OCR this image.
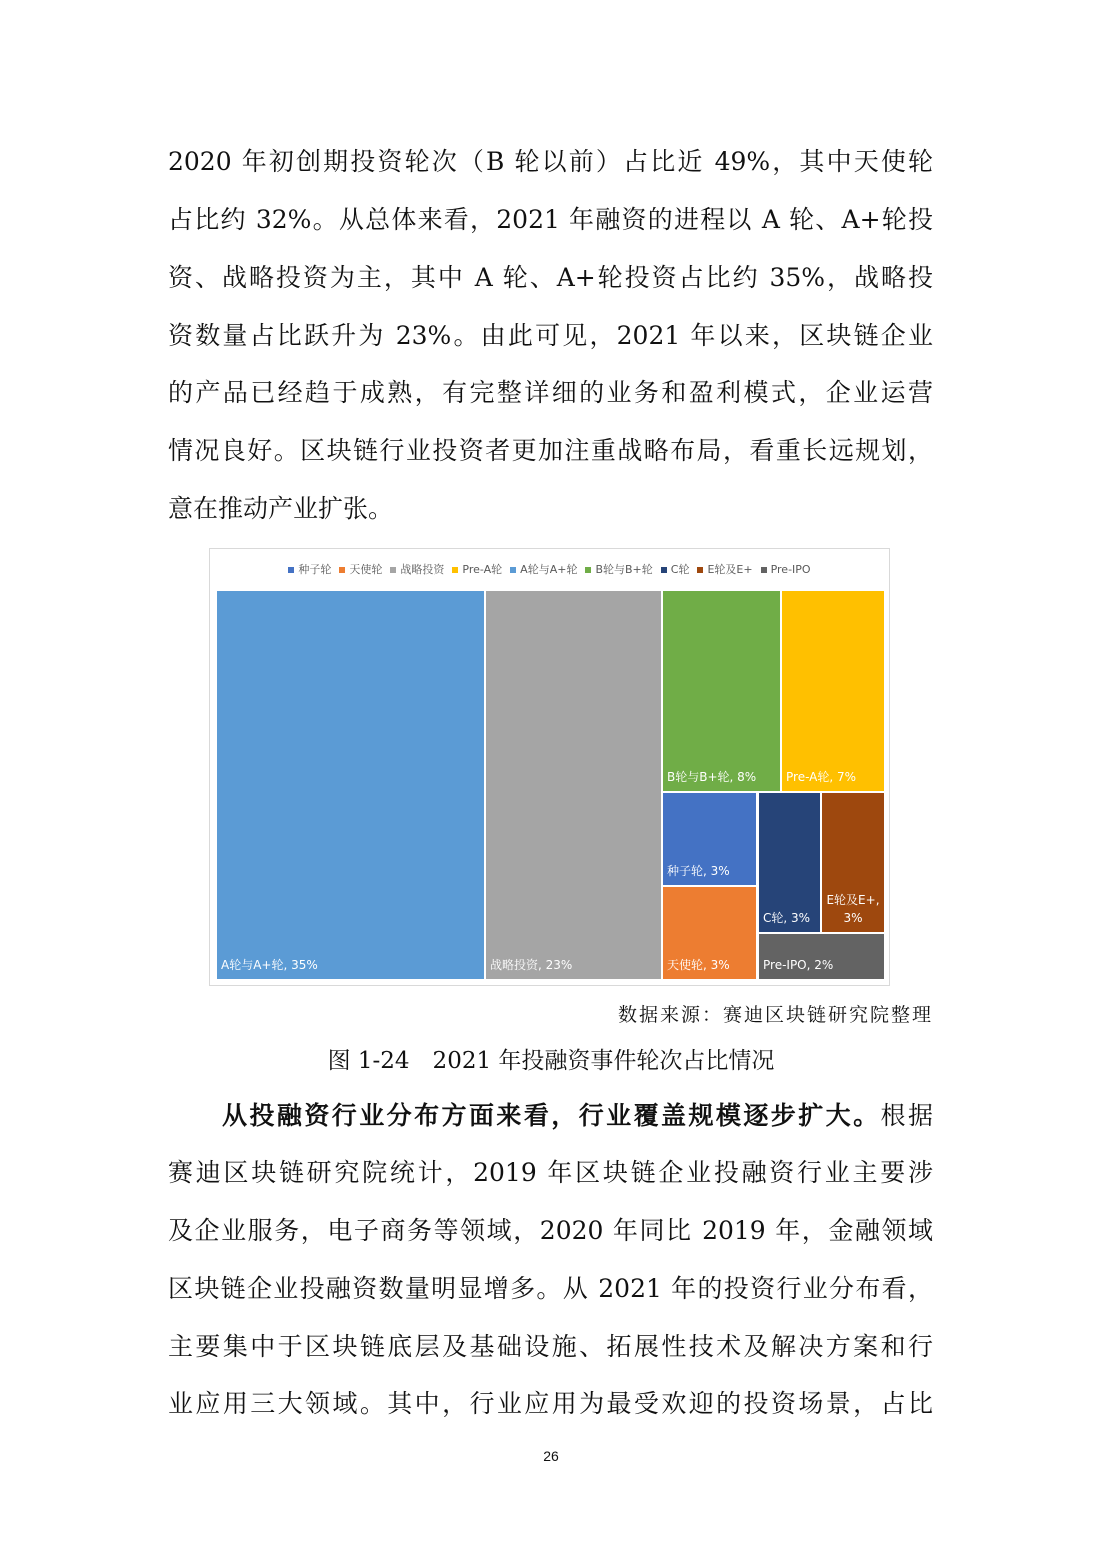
2020 年初创期投资轮次（B 轮以前）占比近 49%，其中天使轮
占比约 32%。从总体来看，2021 年融资的进程以 A 轮、A+轮投
资、战略投资为主，其中 A 轮、A+轮投资占比约 35%，战略投
资数量占比跃升为 23%。由此可见，2021 年以来，区块链企业
的产品已经趋于成熟，有完整详细的业务和盈利模式，企业运营
情况良好。区块链行业投资者更加注重战略布局，看重长远规划，
意在推动产业扩张。
种子轮 天使轮 战略投资 Pre-A轮 A轮与A+轮 B轮与B+轮 C轮 E轮及E+ Pre-IPO
A轮与A+轮, 35%	战略投资, 23%
B轮与B+轮, 8% Pre-A轮, 7%
种子轮, 3%
天使轮, 3%
C轮, 3%
E轮及E+,
3%
Pre-IPO, 2%
数据来源：赛迪区块链研究院整理
图 1-24　2021 年投融资事件轮次占比情况
从投融资行业分布方面来看，行业覆盖规模逐步扩大。根据
赛迪区块链研究院统计，2019 年区块链企业投融资行业主要涉
及企业服务，电子商务等领域，2020 年同比 2019 年，金融领域
区块链企业投融资数量明显增多。从 2021 年的投资行业分布看，
主要集中于区块链底层及基础设施、拓展性技术及解决方案和行
业应用三大领域。其中，行业应用为最受欢迎的投资场景，占比
26
